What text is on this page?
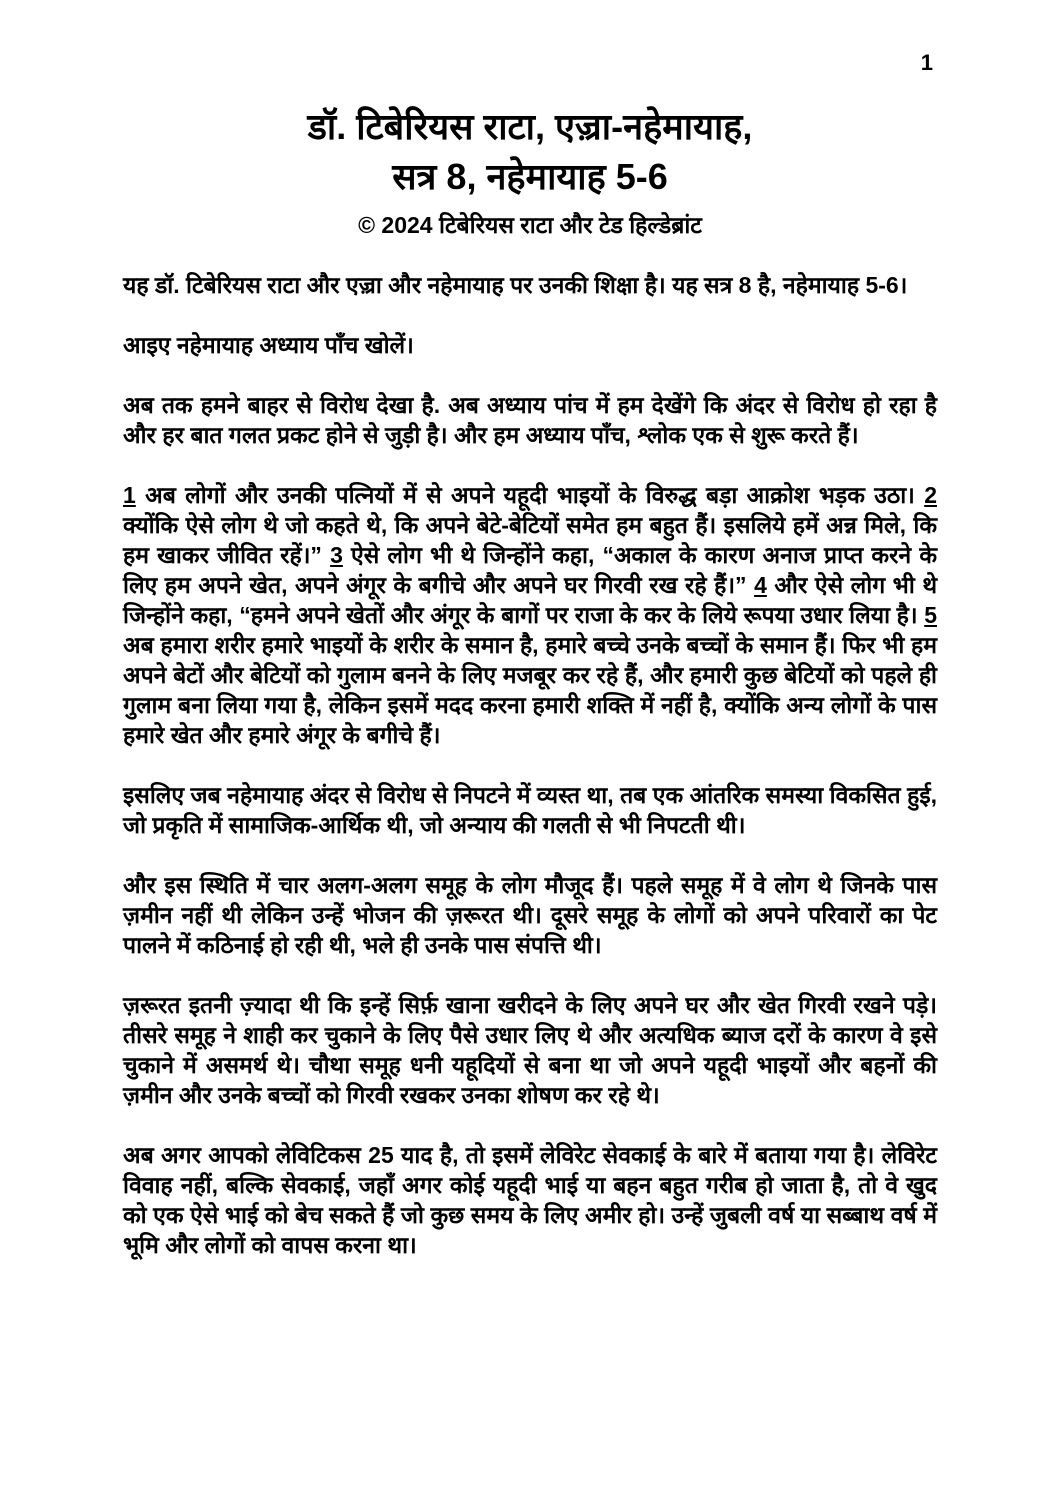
1
डॉ. टिबेरियस राटा, एज़्रा-नहेमायाह,
सत्र 8, नहेमायाह 5-6
© 2024 टिबेरियस राटा और टेड हिल्डेब्रांट

यह डॉ. टिबेरियस राटा और एज़्रा और नहेमायाह पर उनकी शिक्षा है। यह सत्र 8 है, नहेमायाह 5-6।

आइए नहेमायाह अध्याय पाँच खोलें।

अब तक हमने बाहर से विरोध देखा है. अब अध्याय पांच में हम देखेंगे कि अंदर से विरोध हो रहा है और हर बात गलत प्रकट होने से जुड़ी है। और हम अध्याय पाँच, श्लोक एक से शुरू करते हैं।

1 अब लोगों और उनकी पत्नियों में से अपने यहूदी भाइयों के विरुद्ध बड़ा आक्रोश भड़क उठा। 2 क्योंकि ऐसे लोग थे जो कहते थे, कि अपने बेटे-बेटियों समेत हम बहुत हैं। इसलिये हमें अन्न मिले, कि हम खाकर जीवित रहें।” 3 ऐसे लोग भी थे जिन्होंने कहा, “अकाल के कारण अनाज प्राप्त करने के लिए हम अपने खेत, अपने अंगूर के बगीचे और अपने घर गिरवी रख रहे हैं।” 4 और ऐसे लोग भी थे जिन्होंने कहा, “हमने अपने खेतों और अंगूर के बागों पर राजा के कर के लिये रूपया उधार लिया है। 5 अब हमारा शरीर हमारे भाइयों के शरीर के समान है, हमारे बच्चे उनके बच्चों के समान हैं। फिर भी हम अपने बेटों और बेटियों को गुलाम बनने के लिए मजबूर कर रहे हैं, और हमारी कुछ बेटियों को पहले ही गुलाम बना लिया गया है, लेकिन इसमें मदद करना हमारी शक्ति में नहीं है, क्योंकि अन्य लोगों के पास हमारे खेत और हमारे अंगूर के बगीचे हैं।

इसलिए जब नहेमायाह अंदर से विरोध से निपटने में व्यस्त था, तब एक आंतरिक समस्या विकसित हुई, जो प्रकृति में सामाजिक-आर्थिक थी, जो अन्याय की गलती से भी निपटती थी।

और इस स्थिति में चार अलग-अलग समूह के लोग मौजूद हैं। पहले समूह में वे लोग थे जिनके पास ज़मीन नहीं थी लेकिन उन्हें भोजन की ज़रूरत थी। दूसरे समूह के लोगों को अपने परिवारों का पेट पालने में कठिनाई हो रही थी, भले ही उनके पास संपत्ति थी।

ज़रूरत इतनी ज़्यादा थी कि इन्हें सिर्फ़ खाना खरीदने के लिए अपने घर और खेत गिरवी रखने पड़े। तीसरे समूह ने शाही कर चुकाने के लिए पैसे उधार लिए थे और अत्यधिक ब्याज दरों के कारण वे इसे चुकाने में असमर्थ थे। चौथा समूह धनी यहूदियों से बना था जो अपने यहूदी भाइयों और बहनों की ज़मीन और उनके बच्चों को गिरवी रखकर उनका शोषण कर रहे थे।

अब अगर आपको लेविटिकस 25 याद है, तो इसमें लेविरेट सेवकाई के बारे में बताया गया है। लेविरेट विवाह नहीं, बल्कि सेवकाई, जहाँ अगर कोई यहूदी भाई या बहन बहुत गरीब हो जाता है, तो वे खुद को एक ऐसे भाई को बेच सकते हैं जो कुछ समय के लिए अमीर हो। उन्हें जुबली वर्ष या सब्बाथ वर्ष में भूमि और लोगों को वापस करना था।
